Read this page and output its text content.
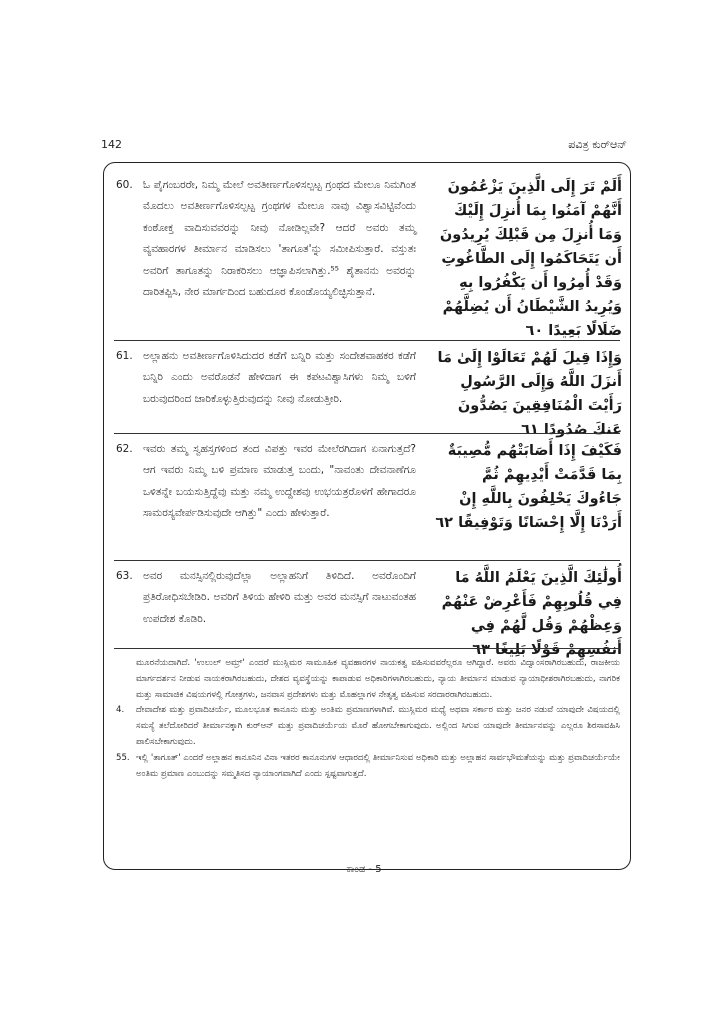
142	ಪವಿತ್ರ ಕುರ್‌ಆನ್
60. ಓ ಪೈಗಂಬರರೇ, ನಿಮ್ಮ ಮೇಲೆ ಅವತೀರ್ಣಗೊಳಿಸಲ್ಪಟ್ಟ ಗ್ರಂಥದ ಮೇಲೂ ನಿಮಗಿಂತ ಮೊದಲು ಅವತೀರ್ಣಗೊಳಿಸಲ್ಪಟ್ಟ ಗ್ರಂಥಗಳ ಮೇಲೂ ನಾವು ವಿಶ್ವಾಸವಿಟ್ಟಿವೆಂದು ಕಂಠೋಕ್ತ ವಾದಿಸುವವರನ್ನು ನೀವು ನೋಡಿಲ್ಲವೇ? ಆದರೆ ಅವರು ತಮ್ಮ ವ್ಯವಹಾರಗಳ ತೀರ್ಮಾನ ಮಾಡಿಸಲು 'ತಾಗೂತ'ನ್ನು ಸಮೀಪಿಸುತ್ತಾರೆ. ವಸ್ತುತಃ ಅವರಿಗೆ ತಾಗೂತನ್ನು ನಿರಾಕರಿಸಲು ಆಜ್ಞಾಪಿಸಲಾಗಿತ್ತು.⁵⁵ ಶೈತಾನನು ಅವರನ್ನು ದಾರಿತಪ್ಪಿಸಿ, ನೇರ ಮಾರ್ಗದಿಂದ ಬಹುದೂರ ಕೊಂಡೊಯ್ಯಲಿಚ್ಛಿಸುತ್ತಾನೆ.
أَلَمْ تَرَ إِلَى الَّذِينَ يَزْعُمُونَ أَنَّهُمْ آمَنُوا بِمَا أُنزِلَ إِلَيْكَ وَمَا أُنزِلَ مِن قَبْلِكَ يُرِيدُونَ أَن يَتَحَاكَمُوا إِلَى الطَّاغُوتِ وَقَدْ أُمِرُوا أَن يَكْفُرُوا بِهِ وَيُرِيدُ الشَّيْطَانُ أَن يُضِلَّهُمْ ضَلَالًا بَعِيدًا ٦٠
61. ಅಲ್ಲಾಹನು ಅವತೀರ್ಣಗೊಳಿಸಿದುದರ ಕಡೆಗೆ ಬನ್ನಿರಿ ಮತ್ತು ಸಂದೇಶವಾಹಕರ ಕಡೆಗೆ ಬನ್ನಿರಿ ಎಂದು ಅವರೊಡನೆ ಹೇಳಿದಾಗ ಈ ಕಪಟವಿಶ್ವಾಸಿಗಳು ನಿಮ್ಮ ಬಳಿಗೆ ಬರುವುದರಿಂದ ಜಾರಿಕೊಳ್ಳುತ್ತಿರುವುದನ್ನು ನೀವು ನೋಡುತ್ತೀರಿ.
وَإِذَا قِيلَ لَهُمْ تَعَالَوْا إِلَىٰ مَا أَنزَلَ اللَّهُ وَإِلَى الرَّسُولِ رَأَيْتَ الْمُنَافِقِينَ يَصُدُّونَ عَنكَ صُدُودًا ٦١
62. ಇವರು ತಮ್ಮ ಸ್ವಹಸ್ತಗಳಿಂದ ತಂದ ವಿಪತ್ತು ಇವರ ಮೇಲೆರಗಿದಾಗ ಏನಾಗುತ್ತದೆ? ಆಗ ಇವರು ನಿಮ್ಮ ಬಳಿ ಪ್ರಮಾಣ ಮಾಡುತ್ತ ಬಂದು, "ನಾವಂತು ದೇವನಾಣೆಗೂ ಒಳಿತನ್ನೇ ಬಯಸುತ್ತಿದ್ದೆವು ಮತ್ತು ನಮ್ಮ ಉದ್ದೇಶವು ಉಭಯತ್ರರೊಳಗೆ ಹೇಗಾದರೂ ಸಾಮರಸ್ಯವೇರ್ಪಡಿಸುವುದೇ ಆಗಿತ್ತು" ಎಂದು ಹೇಳುತ್ತಾರೆ.
فَكَيْفَ إِذَا أَصَابَتْهُم مُّصِيبَةٌ بِمَا قَدَّمَتْ أَيْدِيهِمْ ثُمَّ جَاءُوكَ يَحْلِفُونَ بِاللَّهِ إِنْ أَرَدْنَا إِلَّا إِحْسَانًا وَتَوْفِيقًا ٦٢
63. ಅವರ ಮನಸ್ಸಿನಲ್ಲಿರುವುದೆಲ್ಲಾ ಅಲ್ಲಾಹನಿಗೆ ತಿಳಿದಿದೆ. ಅವರೊಂದಿಗೆ ಪ್ರತಿರೋಧಿಸಬೇಡಿರಿ. ಅವರಿಗೆ ತಿಳಿಯ ಹೇಳಿರಿ ಮತ್ತು ಅವರ ಮನಸ್ಸಿಗೆ ನಾಟುವಂತಹ ಉಪದೇಶ ಕೊಡಿರಿ.
أُولَٰئِكَ الَّذِينَ يَعْلَمُ اللَّهُ مَا فِي قُلُوبِهِمْ فَأَعْرِضْ عَنْهُمْ وَعِظْهُمْ وَقُل لَّهُمْ فِي أَنفُسِهِمْ قَوْلًا بَلِيغًا ٦٣
ಮೂರನೆಯದಾಗಿದೆ. 'ಉಲುಲ್ ಅಮ್ರ್' ಎಂದರೆ ಮುಸ್ಲಿಮರ ಸಾಮೂಹಿಕ ವ್ಯವಹಾರಗಳ ನಾಯಕತ್ವ ವಹಿಸುವವರೆಲ್ಲರೂ ಆಗಿದ್ದಾರೆ. ಅವರು ವಿದ್ವಾಂಸರಾಗಿರಬಹುದು, ರಾಜಕೀಯ ಮಾರ್ಗದರ್ಶನ ನೀಡುವ ನಾಯಕರಾಗಿರಬಹುದು, ದೇಶದ ವ್ಯವಸ್ಥೆಯನ್ನು ಕಾಪಾಡುವ ಅಧಿಕಾರಿಗಳಾಗಿರಬಹುದು, ನ್ಯಾಯ ತೀರ್ಮಾನ ಮಾಡುವ ನ್ಯಾಯಾಧೀಶರಾಗಿರಬಹುದು, ನಾಗರಿಕ ಮತ್ತು ಸಾಮಾಜಿಕ ವಿಷಯಗಳಲ್ಲಿ ಗೋತ್ರಗಳು, ಜನವಾಸ ಪ್ರದೇಶಗಳು ಮತ್ತು ಮೊಹಲ್ಲಾಗಳ ನೇತೃತ್ವ ವಹಿಸುವ ಸರದಾರರಾಗಿರಬಹುದು.
4. ದೇವಾದೇಶ ಮತ್ತು ಪ್ರವಾದಿಚರ್ಯೆ, ಮೂಲಭೂತ ಕಾನೂನು ಮತ್ತು ಅಂತಿಮ ಪ್ರಮಾಣಗಳಾಗಿವೆ. ಮುಸ್ಲಿಮರ ಮಧ್ಯೆ ಅಥವಾ ಸರ್ಕಾರ ಮತ್ತು ಜನರ ನಡುವೆ ಯಾವುದೇ ವಿಷಯದಲ್ಲಿ ಸಮಸ್ಯೆ ತಲೆದೋರಿದರೆ ತೀರ್ಮಾನಕ್ಕಾಗಿ ಕುರ್‌ಆನ್ ಮತ್ತು ಪ್ರವಾದಿಚರ್ಯೆಯ ಮೊರೆ ಹೋಗಬೇಕಾಗುವುದು. ಅಲ್ಲಿಂದ ಸಿಗುವ ಯಾವುದೇ ತೀರ್ಮಾನವನ್ನು ಎಲ್ಲರೂ ಶಿರಸಾವಹಿಸಿ ಪಾಲಿಸಬೇಕಾಗುವುದು.
55. ಇಲ್ಲಿ 'ತಾಗೂತ್' ಎಂದರೆ ಅಲ್ಲಾಹನ ಕಾನೂನಿನ ವಿನಾ ಇತರರ ಕಾನೂನುಗಳ ಆಧಾರದಲ್ಲಿ ತೀರ್ಮಾನಿಸುವ ಅಧಿಕಾರಿ ಮತ್ತು ಅಲ್ಲಾಹನ ಸಾರ್ವಭೌಮತೆಯನ್ನು ಮತ್ತು ಪ್ರವಾದಿಚರ್ಯೆಯೇ ಅಂತಿಮ ಪ್ರಮಾಣ ಎಂಬುದನ್ನು ಸಮ್ಮತಿಸದ ನ್ಯಾಯಾಂಗವಾಗಿದೆ ಎಂದು ಸ್ಪಷ್ಟವಾಗುತ್ತದೆ.
ಕಾಂಡ - 5
